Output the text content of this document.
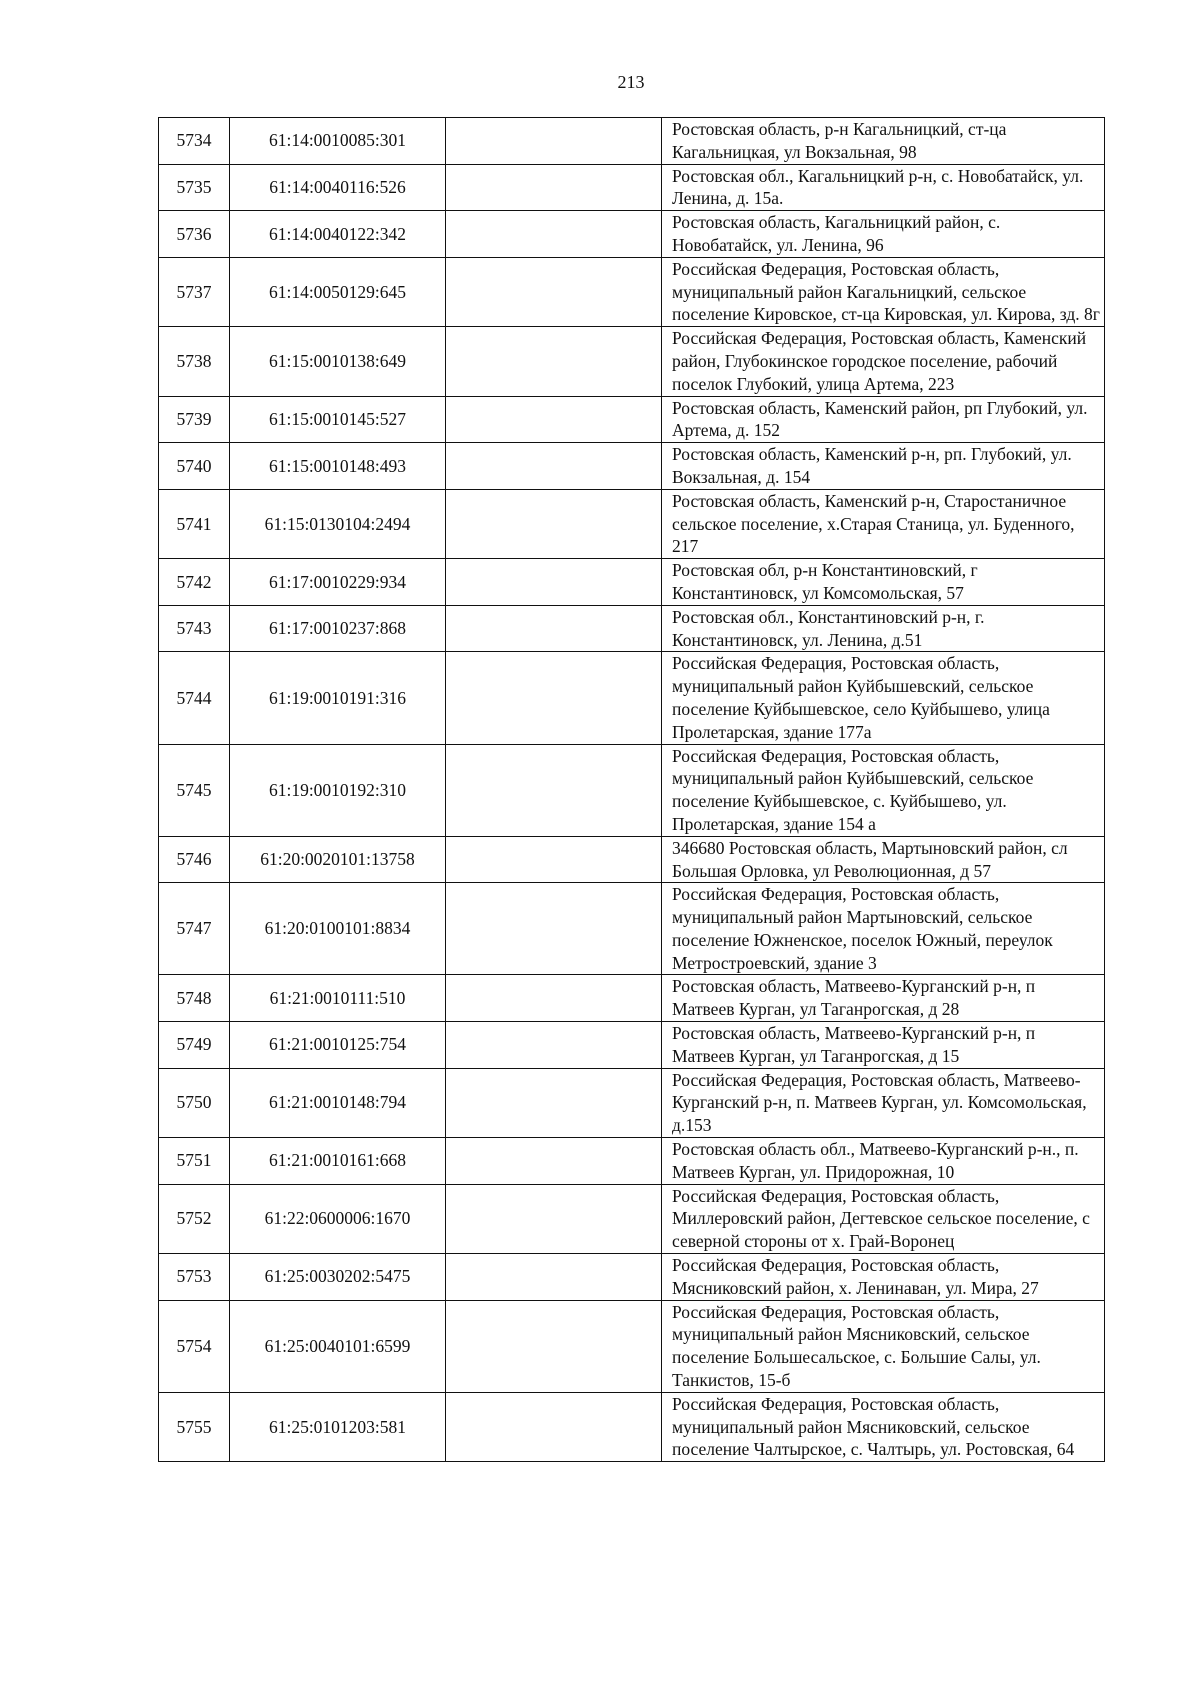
213
5734	61:14:0010085:301		Ростовская область, р-н Кагальницкий, ст-ца Кагальницкая, ул Вокзальная, 98
5735	61:14:0040116:526		Ростовская обл., Кагальницкий р-н, с. Новобатайск, ул. Ленина, д. 15а.
5736	61:14:0040122:342		Ростовская область, Кагальницкий район, с. Новобатайск, ул. Ленина, 96
5737	61:14:0050129:645		Российская Федерация, Ростовская область, муниципальный район Кагальницкий, сельское поселение Кировское, ст-ца Кировская, ул. Кирова, зд. 8г
5738	61:15:0010138:649		Российская Федерация, Ростовская область, Каменский район, Глубокинское городское поселение, рабочий поселок Глубокий, улица Артема, 223
5739	61:15:0010145:527		Ростовская область, Каменский район, рп Глубокий, ул. Артема, д. 152
5740	61:15:0010148:493		Ростовская область, Каменский р-н, рп. Глубокий, ул. Вокзальная, д. 154
5741	61:15:0130104:2494		Ростовская область, Каменский р-н, Старостаничное сельское поселение, х.Старая Станица, ул. Буденного, 217
5742	61:17:0010229:934		Ростовская обл, р-н Константиновский, г Константиновск, ул Комсомольская, 57
5743	61:17:0010237:868		Ростовская обл., Константиновский р-н, г. Константиновск, ул. Ленина, д.51
5744	61:19:0010191:316		Российская Федерация, Ростовская область, муниципальный район Куйбышевский, сельское поселение Куйбышевское, село Куйбышево, улица Пролетарская, здание 177а
5745	61:19:0010192:310		Российская Федерация, Ростовская область, муниципальный район Куйбышевский, сельское поселение Куйбышевское, с. Куйбышево, ул. Пролетарская, здание 154 а
5746	61:20:0020101:13758		346680 Ростовская область, Мартыновский район, сл Большая Орловка, ул Революционная, д 57
5747	61:20:0100101:8834		Российская Федерация, Ростовская область, муниципальный район Мартыновский, сельское поселение Южненское, поселок Южный, переулок Метростроевский, здание 3
5748	61:21:0010111:510		Ростовская область, Матвеево-Курганский р-н, п Матвеев Курган, ул Таганрогская, д 28
5749	61:21:0010125:754		Ростовская область, Матвеево-Курганский р-н, п Матвеев Курган, ул Таганрогская, д 15
5750	61:21:0010148:794		Российская Федерация, Ростовская область, Матвеево-Курганский р-н, п. Матвеев Курган, ул. Комсомольская, д.153
5751	61:21:0010161:668		Ростовская область обл., Матвеево-Курганский р-н., п. Матвеев Курган, ул. Придорожная, 10
5752	61:22:0600006:1670		Российская Федерация, Ростовская область, Миллеровский район, Дегтевское сельское поселение, с северной стороны от х. Грай-Воронец
5753	61:25:0030202:5475		Российская Федерация, Ростовская область, Мясниковский район, х. Ленинаван, ул. Мира, 27
5754	61:25:0040101:6599		Российская Федерация, Ростовская область, муниципальный район Мясниковский, сельское поселение Большесальское, с. Большие Салы, ул. Танкистов, 15-б
5755	61:25:0101203:581		Российская Федерация, Ростовская область, муниципальный район Мясниковский, сельское поселение Чалтырское, с. Чалтырь, ул. Ростовская, 64
